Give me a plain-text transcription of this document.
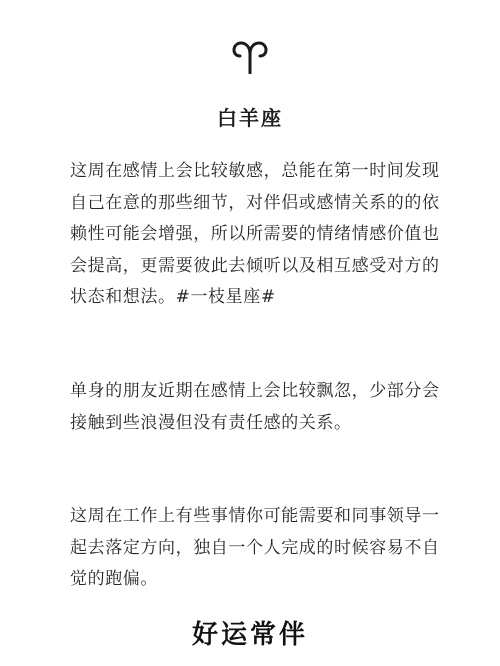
白羊座

这周在感情上会比较敏感，总能在第一时间发现自己在意的那些细节，对伴侣或感情关系的的依赖性可能会增强，所以所需要的情绪情感价值也会提高，更需要彼此去倾听以及相互感受对方的状态和想法。#一枝星座#

单身的朋友近期在感情上会比较飘忽，少部分会接触到些浪漫但没有责任感的关系。

这周在工作上有些事情你可能需要和同事领导一起去落定方向，独自一个人完成的时候容易不自觉的跑偏。

好运常伴
